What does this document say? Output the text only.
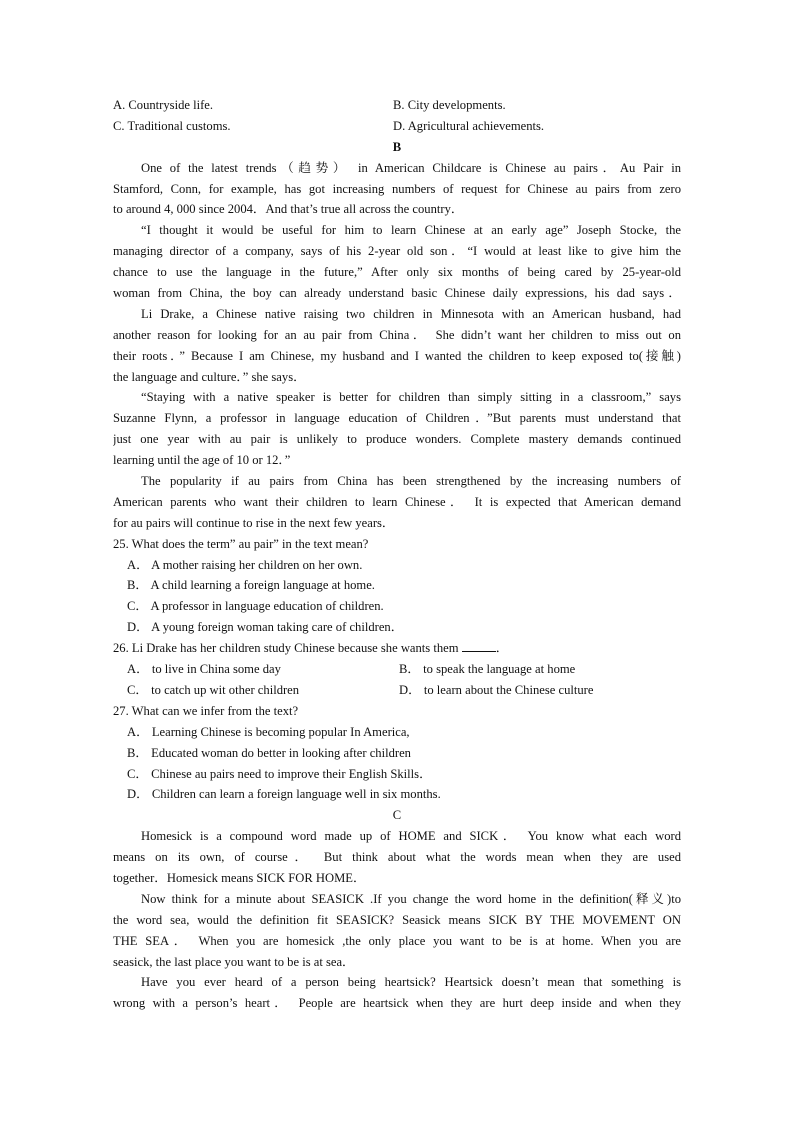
A. Countryside life.	B. City developments.
C. Traditional customs.	D. Agricultural achievements.
B
One of the latest trends（趋势） in American Childcare is Chinese au pairs．Au Pair in
Stamford, Conn, for example, has got increasing numbers of request for Chinese au pairs from zero
to around 4, 000 since 2004．And that’s true all across the country．
“I thought it would be useful for him to learn Chinese at an early age” Joseph Stocke, the
managing director of a company, says of his 2-year old son．“I would at least like to give him the
chance to use the language in the future,” After only six months of being cared by 25-year-old
woman from China, the boy can already understand basic Chinese daily expressions, his dad says．
Li Drake, a Chinese native raising two children in Minnesota with an American husband, had
another reason for looking for an au pair from China． She didn’t want her children to miss out on
their roots．” Because I am Chinese, my husband and I wanted the children to keep exposed to(接触)
the language and culture．” she says．
“Staying with a native speaker is better for children than simply sitting in a classroom,” says
Suzanne Flynn, a professor in language education of Children．”But parents must understand that
just one year with au pair is unlikely to produce wonders. Complete mastery demands continued
learning until the age of 10 or 12．”
The popularity if au pairs from China has been strengthened by the increasing numbers of
American parents who want their children to learn Chinese． It is expected that American demand
for au pairs will continue to rise in the next few years．
25. What does the term” au pair” in the text mean?
A． A mother raising her children on her own.
B． A child learning a foreign language at home.
C． A professor in language education of children.
D． A young foreign woman taking care of children．
26. Li Drake has her children study Chinese because she wants them	．
A． to live in China some day	B． to speak the language at home
C． to catch up wit other children	D． to learn about the Chinese culture
27. What can we infer from the text?
A． Learning Chinese is becoming popular In America,
B． Educated woman do better in looking after children
C． Chinese au pairs need to improve their English Skills．
D． Children can learn a foreign language well in six months.
C
Homesick is a compound word made up of HOME and SICK． You know what each word
means on its own, of course． But think about what the words mean when they are used
together．Homesick means SICK FOR HOME．
Now think for a minute about SEASICK .If you change the word home in the definition(释义)to
the word sea, would the definition fit SEASICK? Seasick means SICK BY THE MOVEMENT ON
THE SEA． When you are homesick ,the only place you want to be is at home. When you are
seasick, the last place you want to be is at sea．
Have you ever heard of a person being heartsick? Heartsick doesn’t mean that something is
wrong with a person’s heart． People are heartsick when they are hurt deep inside and when they
